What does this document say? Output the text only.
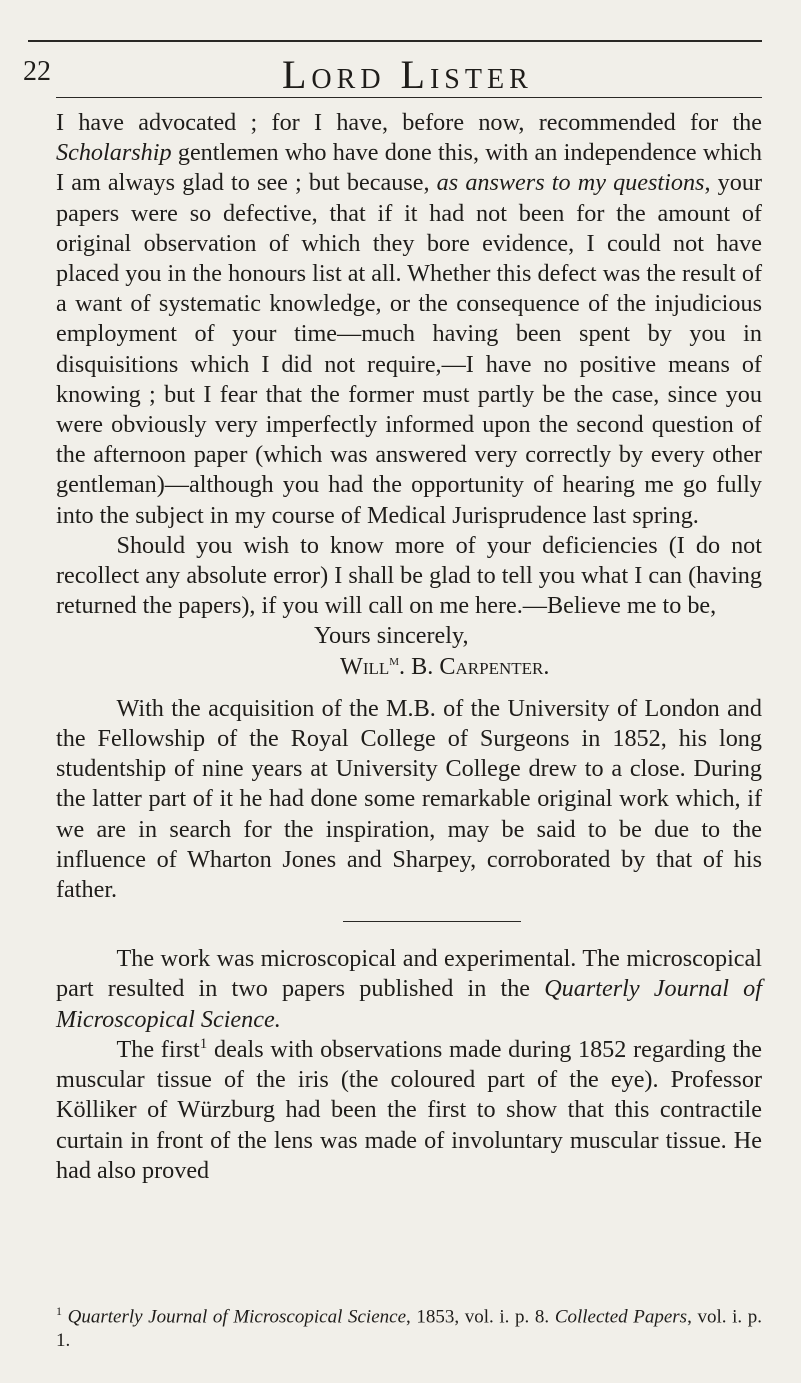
22	Lord Lister

I have advocated ; for I have, before now, recommended for the Scholarship gentlemen who have done this, with an independence which I am always glad to see ; but because, as answers to my questions, your papers were so defective, that if it had not been for the amount of original observation of which they bore evidence, I could not have placed you in the honours list at all. Whether this defect was the result of a want of systematic knowledge, or the consequence of the injudicious employment of your time—much having been spent by you in disquisitions which I did not require,—I have no positive means of knowing ; but I fear that the former must partly be the case, since you were obviously very imperfectly informed upon the second question of the afternoon paper (which was answered very correctly by every other gentleman)—although you had the opportunity of hearing me go fully into the subject in my course of Medical Jurisprudence last spring.

Should you wish to know more of your deficiencies (I do not recollect any absolute error) I shall be glad to tell you what I can (having returned the papers), if you will call on me here.—Believe me to be,

Yours sincerely,

Will$^m$. B. Carpenter.

With the acquisition of the M.B. of the University of London and the Fellowship of the Royal College of Surgeons in 1852, his long studentship of nine years at University College drew to a close. During the latter part of it he had done some remarkable original work which, if we are in search for the inspiration, may be said to be due to the influence of Wharton Jones and Sharpey, corroborated by that of his father.

The work was microscopical and experimental. The microscopical part resulted in two papers published in the Quarterly Journal of Microscopical Science.

The first$^1$ deals with observations made during 1852 regarding the muscular tissue of the iris (the coloured part of the eye). Professor Kölliker of Würzburg had been the first to show that this contractile curtain in front of the lens was made of involuntary muscular tissue. He had also proved

$^1$ Quarterly Journal of Microscopical Science, 1853, vol. i. p. 8. Collected Papers, vol. i. p. 1.
